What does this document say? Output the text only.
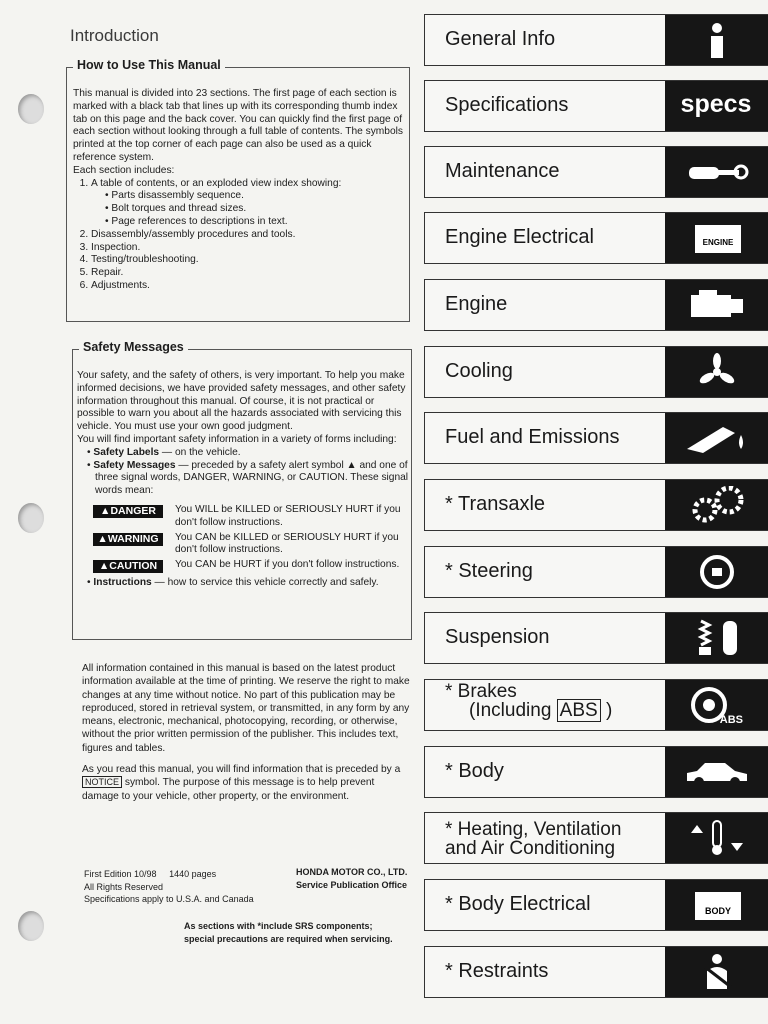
Introduction
How to Use This Manual

This manual is divided into 23 sections. The first page of each section is marked with a black tab that lines up with its corresponding thumb index tab on this page and the back cover. You can quickly find the first page of each section without looking through a full table of contents. The symbols printed at the top corner of each page can also be used as a quick reference system.

Each section includes:

1. A table of contents, or an exploded view index showing:
• Parts disassembly sequence.
• Bolt torques and thread sizes.
• Page references to descriptions in text.
2. Disassembly/assembly procedures and tools.
3. Inspection.
4. Testing/troubleshooting.
5. Repair.
6. Adjustments.
Safety Messages

Your safety, and the safety of others, is very important. To help you make informed decisions, we have provided safety messages, and other safety information throughout this manual. Of course, it is not practical or possible to warn you about all the hazards associated with servicing this vehicle. You must use your own good judgment.

You will find important safety information in a variety of forms including:

• Safety Labels — on the vehicle.
• Safety Messages — preceded by a safety alert symbol ▲ and one of three signal words, DANGER, WARNING, or CAUTION. These signal words mean:
▲DANGER	You WILL be KILLED or SERIOUSLY HURT if you don't follow instructions.
▲WARNING	You CAN be KILLED or SERIOUSLY HURT if you don't follow instructions.
▲CAUTION	You CAN be HURT if you don't follow instructions.
• Instructions — how to service this vehicle correctly and safely.

All information contained in this manual is based on the latest product information available at the time of printing. We reserve the right to make changes at any time without notice. No part of this publication may be reproduced, stored in retrieval system, or transmitted, in any form by any means, electronic, mechanical, photocopying, recording, or otherwise, without the prior written permission of the publisher. This includes text, figures and tables.

As you read this manual, you will find information that is preceded by a NOTICE symbol. The purpose of this message is to help prevent damage to your vehicle, other property, or the environment.

First Edition 10/98 1440 pages
All Rights Reserved
Specifications apply to U.S.A. and Canada
HONDA MOTOR CO., LTD.
Service Publication Office
As sections with *include SRS components;
special precautions are required when servicing.
General Info
Specifications	specs
Maintenance
Engine Electrical	ENGINE
Engine
Cooling
Fuel and Emissions
* Transaxle
* Steering
Suspension
* Brakes
(Including ABS )	ABS
* Body
* Heating, Ventilation
and Air Conditioning
* Body Electrical	BODY
* Restraints
